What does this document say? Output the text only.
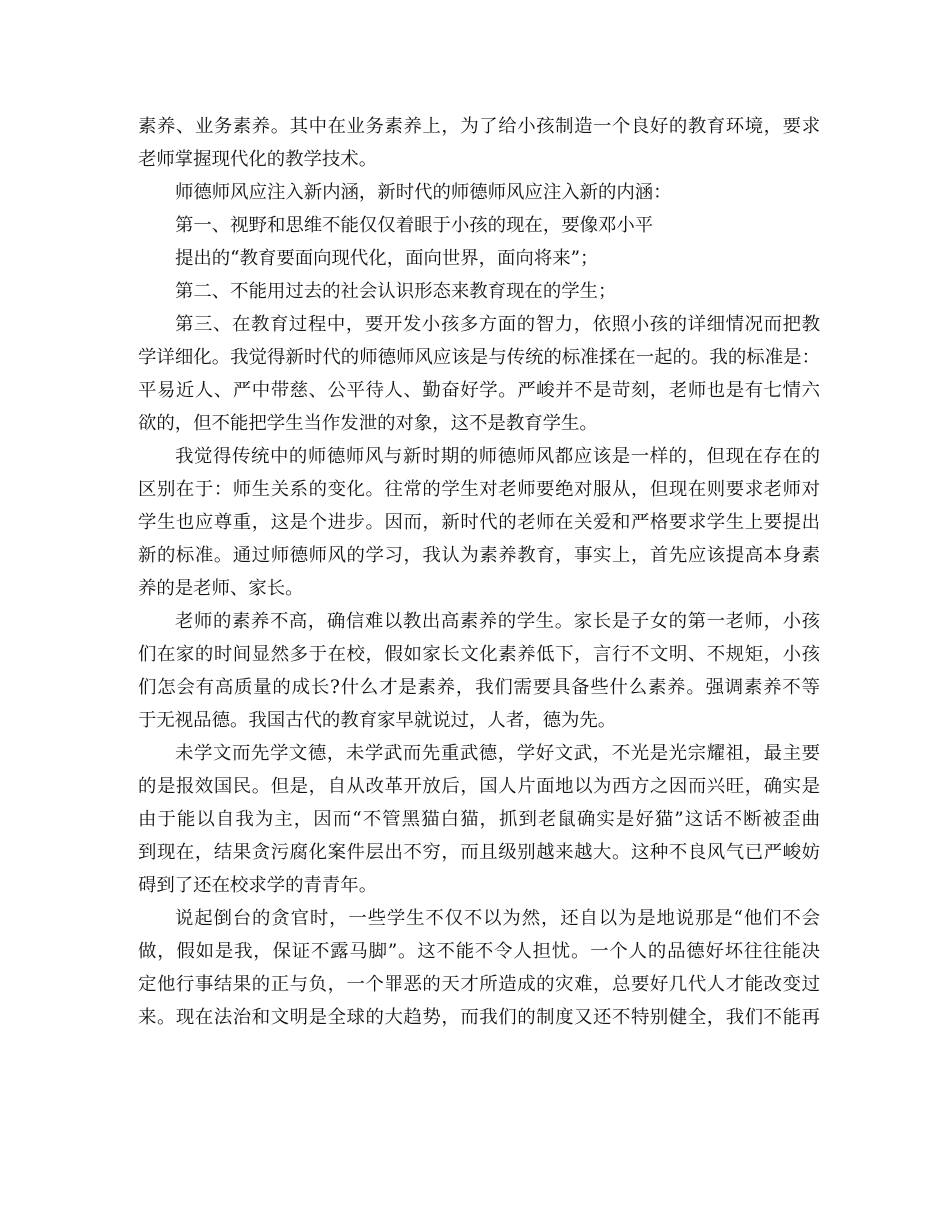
素养、业务素养。其中在业务素养上，为了给小孩制造一个良好的教育环境，要求
老师掌握现代化的教学技术。
师德师风应注入新内涵，新时代的师德师风应注入新的内涵：
第一、视野和思维不能仅仅着眼于小孩的现在，要像邓小平
提出的“教育要面向现代化，面向世界，面向将来”；
第二、不能用过去的社会认识形态来教育现在的学生；
第三、在教育过程中，要开发小孩多方面的智力，依照小孩的详细情况而把教
学详细化。我觉得新时代的师德师风应该是与传统的标准揉在一起的。我的标准是：
平易近人、严中带慈、公平待人、勤奋好学。严峻并不是苛刻，老师也是有七情六
欲的，但不能把学生当作发泄的对象，这不是教育学生。
我觉得传统中的师德师风与新时期的师德师风都应该是一样的，但现在存在的
区别在于：师生关系的变化。往常的学生对老师要绝对服从，但现在则要求老师对
学生也应尊重，这是个进步。因而，新时代的老师在关爱和严格要求学生上要提出
新的标准。通过师德师风的学习，我认为素养教育，事实上，首先应该提高本身素
养的是老师、家长。
老师的素养不高，确信难以教出高素养的学生。家长是子女的第一老师，小孩
们在家的时间显然多于在校，假如家长文化素养低下，言行不文明、不规矩，小孩
们怎会有高质量的成长?什么才是素养，我们需要具备些什么素养。强调素养不等
于无视品德。我国古代的教育家早就说过，人者，德为先。
未学文而先学文德，未学武而先重武德，学好文武，不光是光宗耀祖，最主要
的是报效国民。但是，自从改革开放后，国人片面地以为西方之因而兴旺，确实是
由于能以自我为主，因而“不管黑猫白猫，抓到老鼠确实是好猫”这话不断被歪曲
到现在，结果贪污腐化案件层出不穷，而且级别越来越大。这种不良风气已严峻妨
碍到了还在校求学的青青年。
说起倒台的贪官时，一些学生不仅不以为然，还自以为是地说那是“他们不会
做，假如是我，保证不露马脚”。这不能不令人担忧。一个人的品德好坏往往能决
定他行事结果的正与负，一个罪恶的天才所造成的灾难，总要好几代人才能改变过
来。现在法治和文明是全球的大趋势，而我们的制度又还不特别健全，我们不能再
